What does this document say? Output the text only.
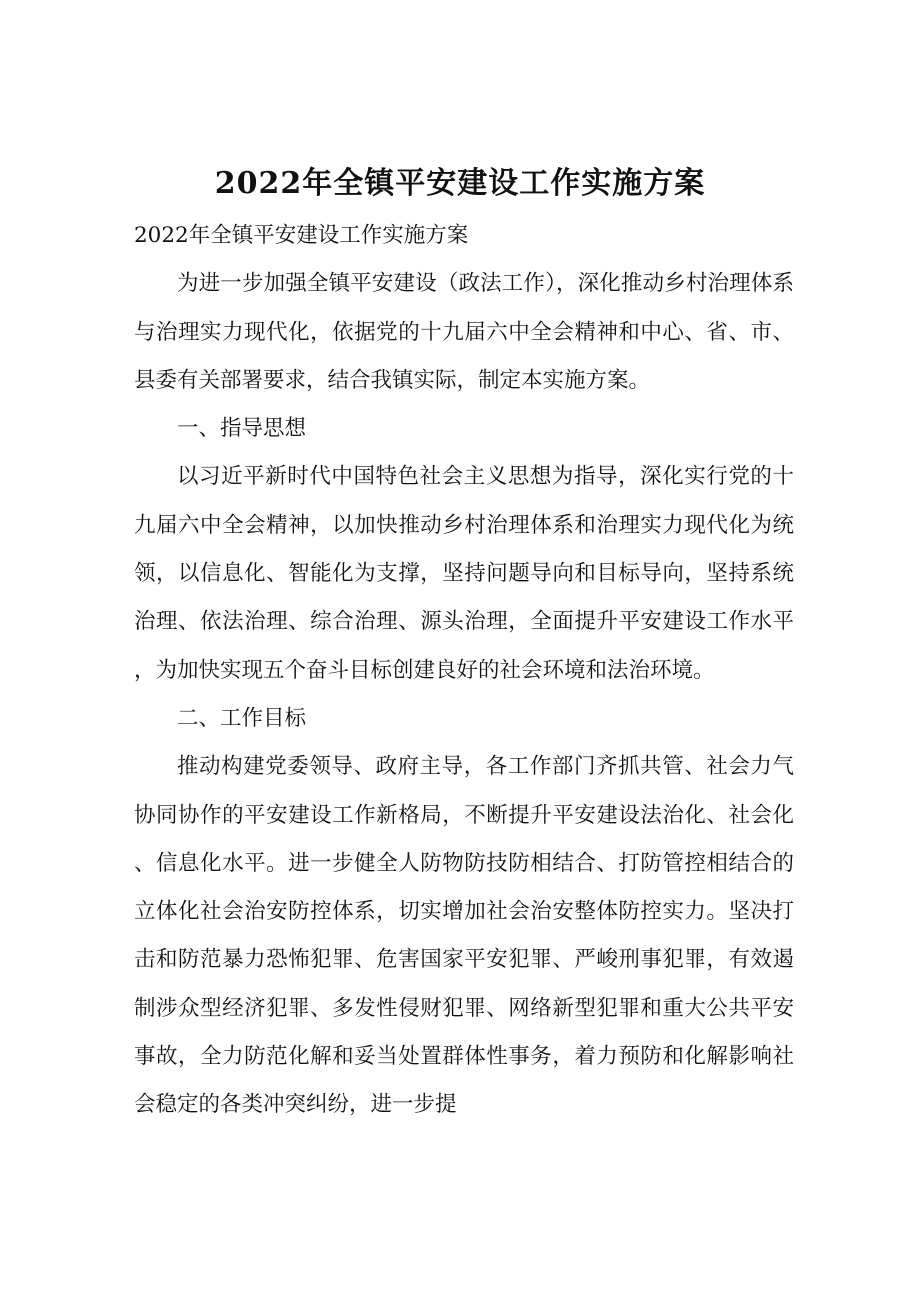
2022年全镇平安建设工作实施方案

2022年全镇平安建设工作实施方案

为进一步加强全镇平安建设（政法工作），深化推动乡村治理体系与治理实力现代化，依据党的十九届六中全会精神和中心、省、市、县委有关部署要求，结合我镇实际，制定本实施方案。

一、指导思想

以习近平新时代中国特色社会主义思想为指导，深化实行党的十九届六中全会精神，以加快推动乡村治理体系和治理实力现代化为统领，以信息化、智能化为支撑，坚持问题导向和目标导向，坚持系统治理、依法治理、综合治理、源头治理，全面提升平安建设工作水平，为加快实现五个奋斗目标创建良好的社会环境和法治环境。

二、工作目标

推动构建党委领导、政府主导，各工作部门齐抓共管、社会力气协同协作的平安建设工作新格局，不断提升平安建设法治化、社会化、信息化水平。进一步健全人防物防技防相结合、打防管控相结合的立体化社会治安防控体系，切实增加社会治安整体防控实力。坚决打击和防范暴力恐怖犯罪、危害国家平安犯罪、严峻刑事犯罪，有效遏制涉众型经济犯罪、多发性侵财犯罪、网络新型犯罪和重大公共平安事故，全力防范化解和妥当处置群体性事务，着力预防和化解影响社会稳定的各类冲突纠纷，进一步提
